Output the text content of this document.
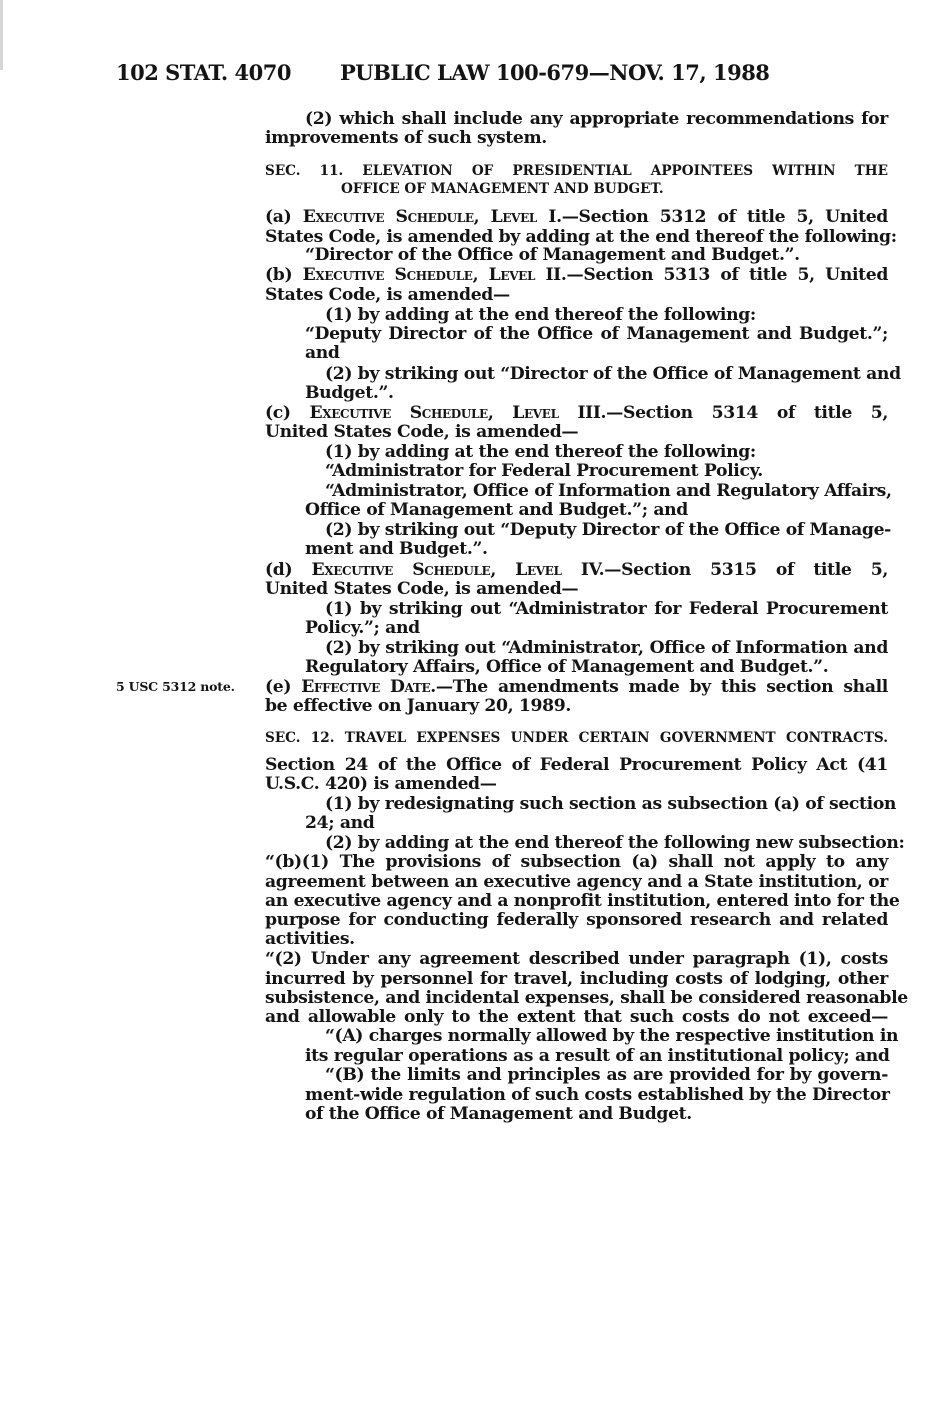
102 STAT. 4070 PUBLIC LAW 100-679—NOV. 17, 1988
5 USC 5312 note.
(2) which shall include any appropriate recommendations for
improvements of such system.
SEC. 11. ELEVATION OF PRESIDENTIAL APPOINTEES WITHIN THE
OFFICE OF MANAGEMENT AND BUDGET.
(a) Executive Schedule, Level I.—Section 5312 of title 5, United
States Code, is amended by adding at the end thereof the following:
“Director of the Office of Management and Budget.”.
(b) Executive Schedule, Level II.—Section 5313 of title 5, United
States Code, is amended—
(1) by adding at the end thereof the following:
“Deputy Director of the Office of Management and Budget.”;
and
(2) by striking out “Director of the Office of Management and
Budget.”.
(c) Executive Schedule, Level III.—Section 5314 of title 5,
United States Code, is amended—
(1) by adding at the end thereof the following:
“Administrator for Federal Procurement Policy.
“Administrator, Office of Information and Regulatory Affairs,
Office of Management and Budget.”; and
(2) by striking out “Deputy Director of the Office of Manage-
ment and Budget.”.
(d) Executive Schedule, Level IV.—Section 5315 of title 5,
United States Code, is amended—
(1) by striking out “Administrator for Federal Procurement
Policy.”; and
(2) by striking out “Administrator, Office of Information and
Regulatory Affairs, Office of Management and Budget.”.
(e) Effective Date.—The amendments made by this section shall
be effective on January 20, 1989.
SEC. 12. TRAVEL EXPENSES UNDER CERTAIN GOVERNMENT CONTRACTS.
Section 24 of the Office of Federal Procurement Policy Act (41
U.S.C. 420) is amended—
(1) by redesignating such section as subsection (a) of section
24; and
(2) by adding at the end thereof the following new subsection:
“(b)(1) The provisions of subsection (a) shall not apply to any
agreement between an executive agency and a State institution, or
an executive agency and a nonprofit institution, entered into for the
purpose for conducting federally sponsored research and related
activities.
“(2) Under any agreement described under paragraph (1), costs
incurred by personnel for travel, including costs of lodging, other
subsistence, and incidental expenses, shall be considered reasonable
and allowable only to the extent that such costs do not exceed—
“(A) charges normally allowed by the respective institution in
its regular operations as a result of an institutional policy; and
“(B) the limits and principles as are provided for by govern-
ment-wide regulation of such costs established by the Director
of the Office of Management and Budget.
